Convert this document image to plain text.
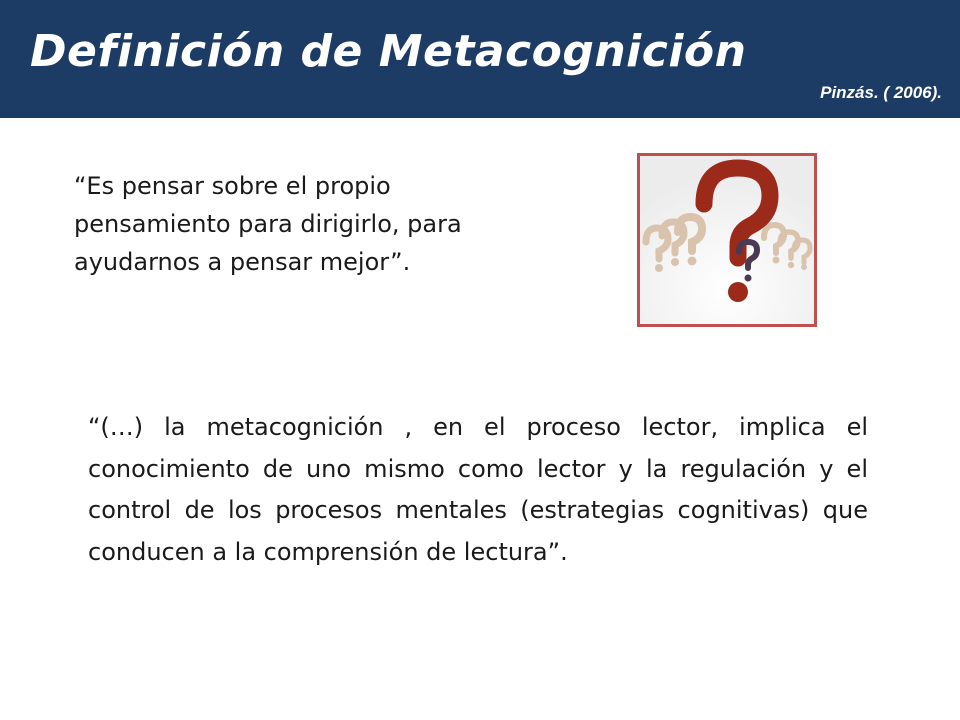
Definición de Metacognición
Pinzás. ( 2006).

“Es pensar sobre el propio pensamiento para dirigirlo, para ayudarnos a pensar mejor”.

“(…) la metacognición , en el proceso lector, implica el conocimiento de uno mismo como lector y la regulación y el control de los procesos mentales (estrategias cognitivas) que conducen a la comprensión de lectura”.
